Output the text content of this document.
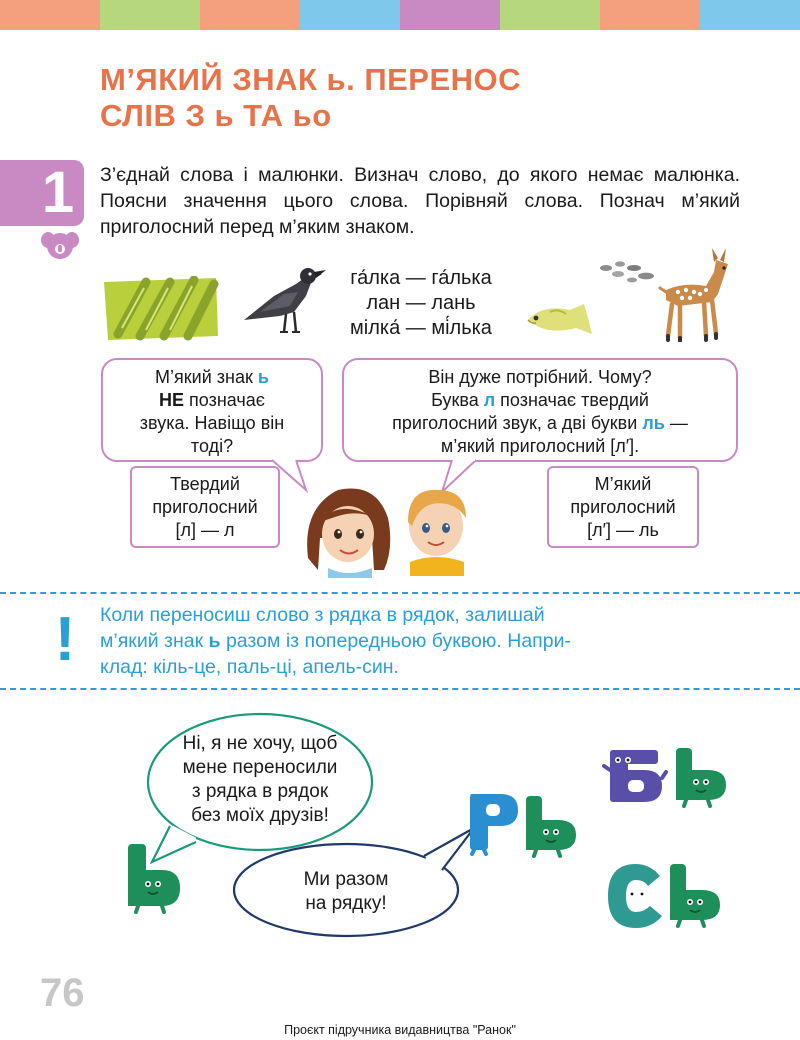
М’ЯКИЙ ЗНАК ь. ПЕРЕНОС
СЛІВ З ь ТА ьо
1 З’єднай слова і малюнки. Визнач слово, до якого немає малюнка. Поясни значення цього слова. Порівняй слова. Познач м’який приголосний перед м’яким знаком.
га́лка — га́лька
лан — лань
мілка́ — мі́лька
М’який знак ь
НЕ позначає
звука. Навіщо він
тоді?
Він дуже потрібний. Чому?
Буква л позначає твердий
приголосний звук, а дві букви ль —
м’який приголосний [л′].
Твердий
приголосний
[л] — л
М’який
приголосний
[л′] — ль
! Коли переносиш слово з рядка в рядок, залишай
м’який знак ь разом із попередньою буквою. Напри-
клад: кіль-це, паль-ці, апель-син.
Ні, я не хочу, щоб
мене переносили
з рядка в рядок
без моїх друзів!
Ми разом
на рядку!
76
Проєкт підручника видавництва "Ранок"
